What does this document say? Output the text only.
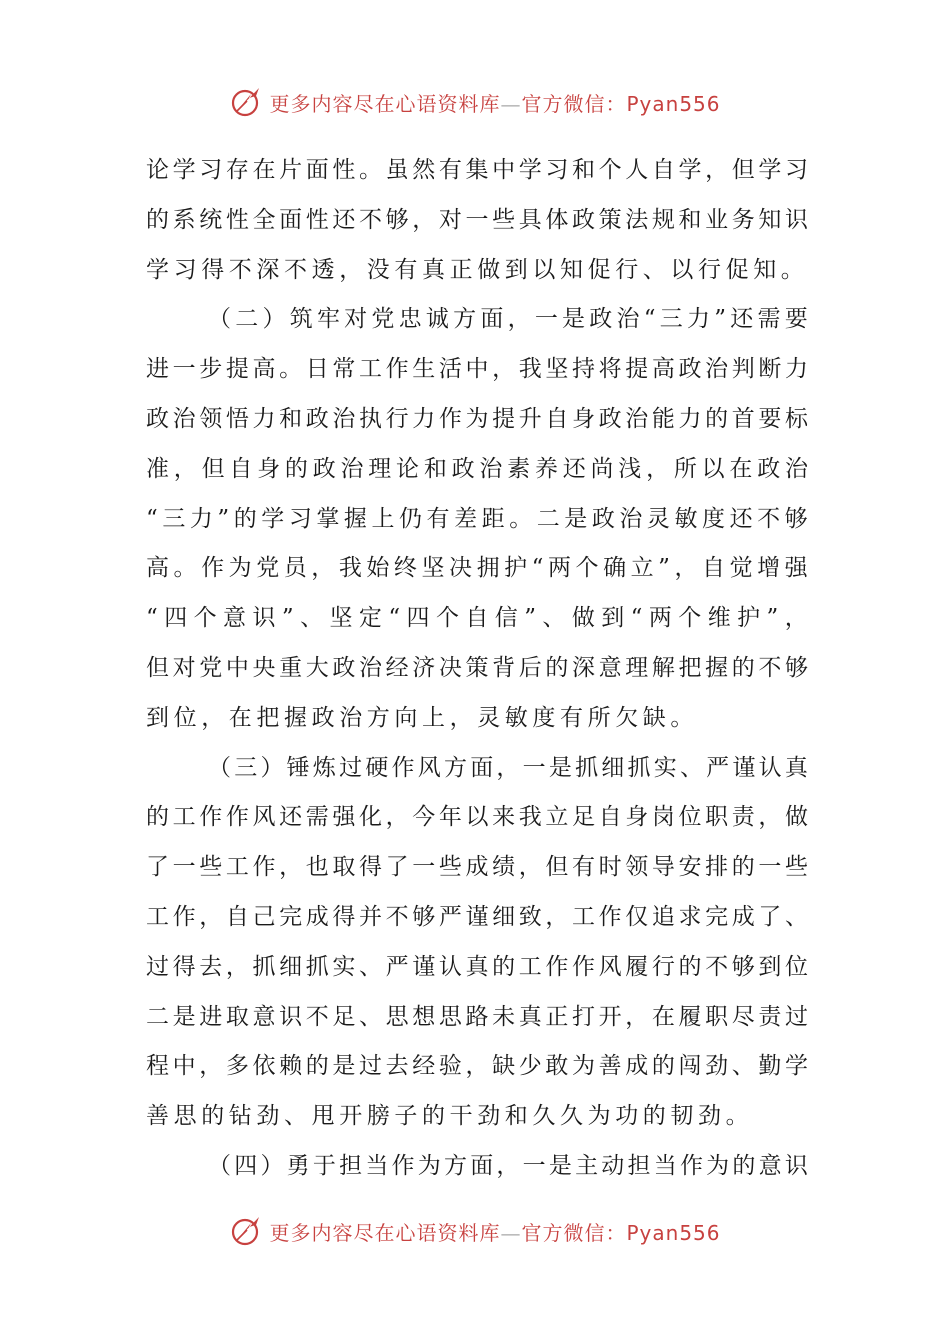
更多内容尽在心语资料库—官方微信：Pyan556
论 学 习 存 在 片 面 性 。 虽 然 有 集 中 学 习 和 个 人 自 学 ， 但 学 习
的 系 统 性 全 面 性 还 不 够 ， 对 一 些 具 体 政 策 法 规 和 业 务 知 识
学习得不深不透，没有真正做到以知促行、以行促知。
（ 二 ） 筑 牢 对 党 忠 诚 方 面 ， 一 是 政 治 “ 三 力 ” 还 需 要
进 一 步 提 高 。 日 常 工 作 生 活 中 ， 我 坚 持 将 提 高 政 治 判 断 力
政 治 领 悟 力 和 政 治 执 行 力 作 为 提 升 自 身 政 治 能 力 的 首 要 标
准 ， 但 自 身 的 政 治 理 论 和 政 治 素 养 还 尚 浅 ， 所 以 在 政 治
“ 三 力 ” 的 学 习 掌 握 上 仍 有 差 距 。 二 是 政 治 灵 敏 度 还 不 够
高 。 作 为 党 员 ， 我 始 终 坚 决 拥 护 “ 两 个 确 立 ” ， 自 觉 增 强
“ 四 个 意 识 ” 、 坚 定 “ 四 个 自 信 ” 、 做 到 “ 两 个 维 护 ” ，
但 对 党 中 央 重 大 政 治 经 济 决 策 背 后 的 深 意 理 解 把 握 的 不 够
到位，在把握政治方向上，灵敏度有所欠缺。
（ 三 ） 锤 炼 过 硬 作 风 方 面 ， 一 是 抓 细 抓 实 、 严 谨 认 真
的 工 作 作 风 还 需 强 化 ， 今 年 以 来 我 立 足 自 身 岗 位 职 责 ， 做
了 一 些 工 作 ， 也 取 得 了 一 些 成 绩 ， 但 有 时 领 导 安 排 的 一 些
工 作 ， 自 己 完 成 得 并 不 够 严 谨 细 致 ， 工 作 仅 追 求 完 成 了 、
过 得 去 ， 抓 细 抓 实 、 严 谨 认 真 的 工 作 作 风 履 行 的 不 够 到 位
二 是 进 取 意 识 不 足 、 思 想 思 路 未 真 正 打 开 ， 在 履 职 尽 责 过
程 中 ， 多 依 赖 的 是 过 去 经 验 ， 缺 少 敢 为 善 成 的 闯 劲 、 勤 学
善思的钻劲、甩开膀子的干劲和久久为功的韧劲。
（ 四 ） 勇 于 担 当 作 为 方 面 ， 一 是 主 动 担 当 作 为 的 意 识
更多内容尽在心语资料库—官方微信：Pyan556
